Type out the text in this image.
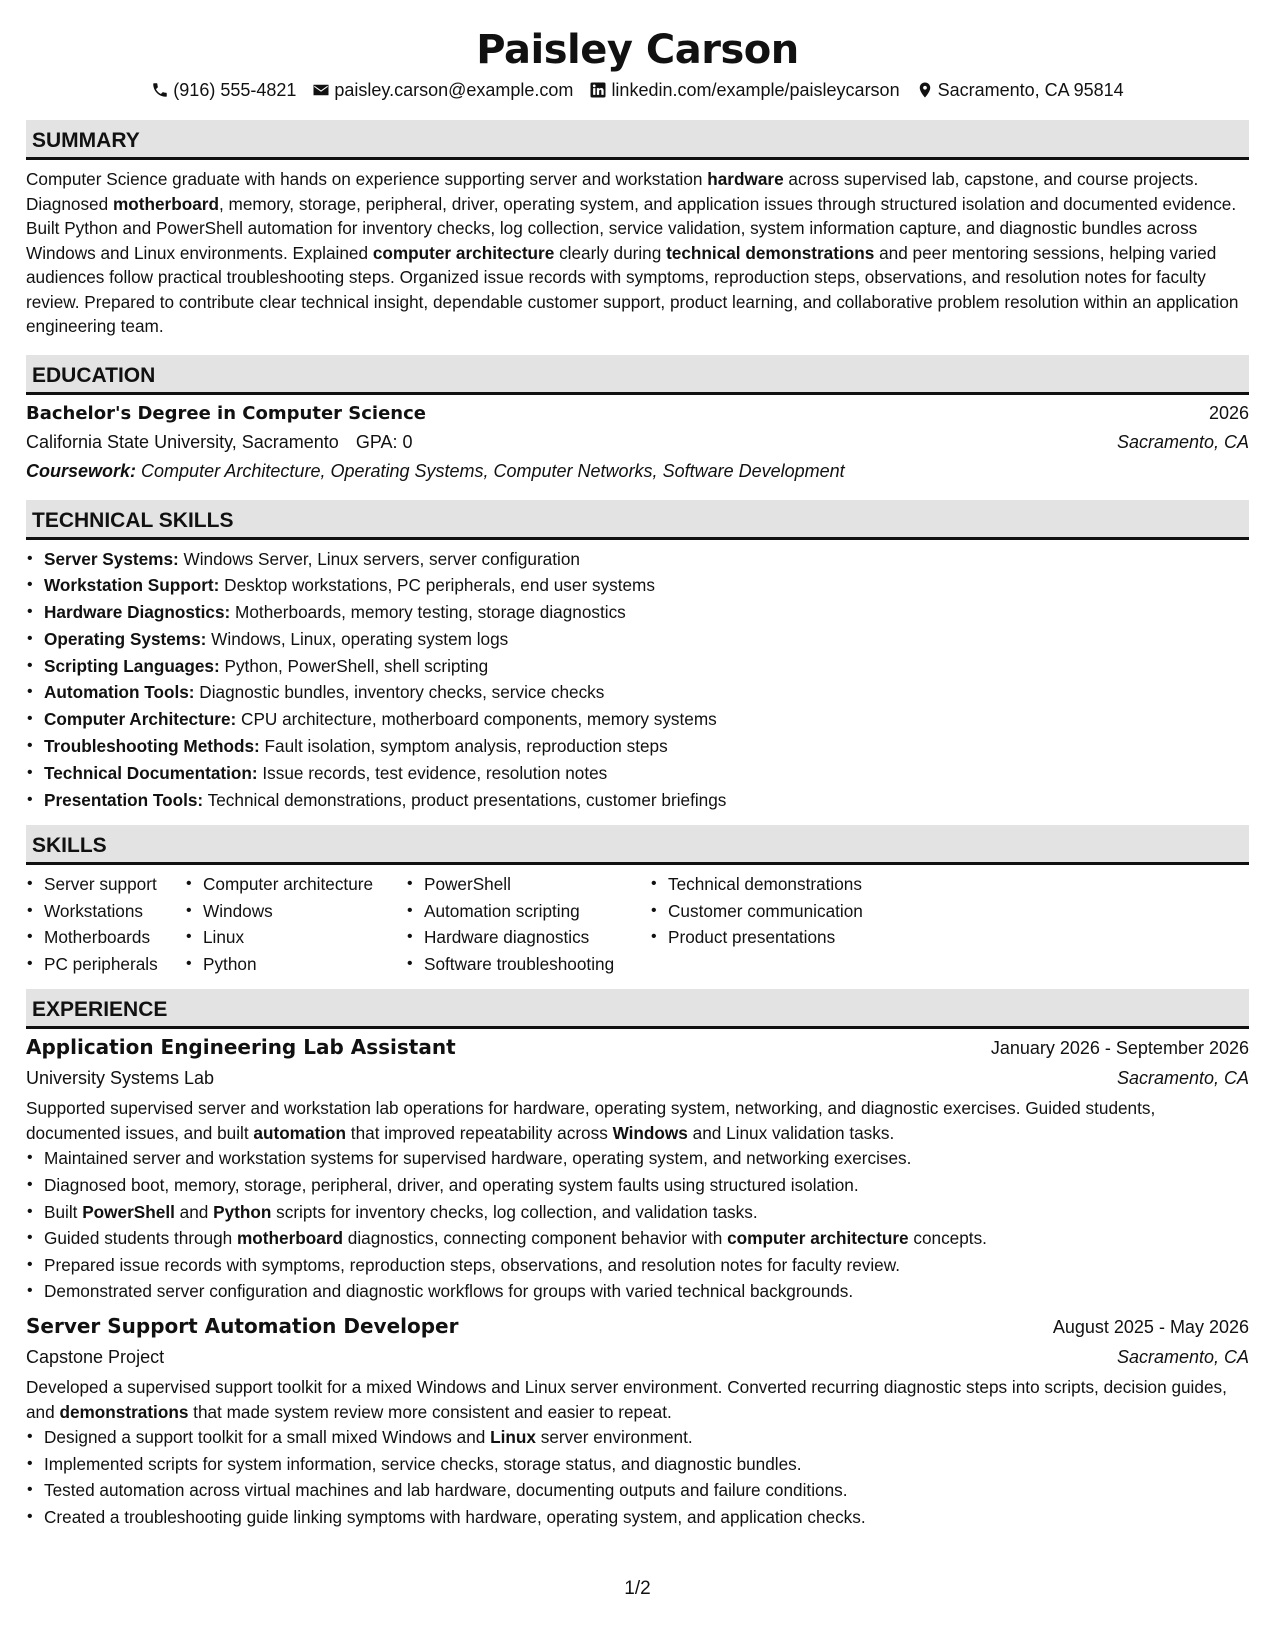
Paisley Carson
(916) 555-4821 paisley.carson@example.com linkedin.com/example/paisleycarson Sacramento, CA 95814
SUMMARY

Computer Science graduate with hands on experience supporting server and workstation hardware across supervised lab, capstone, and course projects. Diagnosed motherboard, memory, storage, peripheral, driver, operating system, and application issues through structured isolation and documented evidence. Built Python and PowerShell automation for inventory checks, log collection, service validation, system information capture, and diagnostic bundles across Windows and Linux environments. Explained computer architecture clearly during technical demonstrations and peer mentoring sessions, helping varied audiences follow practical troubleshooting steps. Organized issue records with symptoms, reproduction steps, observations, and resolution notes for faculty review. Prepared to contribute clear technical insight, dependable customer support, product learning, and collaborative problem resolution within an application engineering team.

EDUCATION
Bachelor's Degree in Computer Science	2026
California State University, Sacramento GPA: 0	Sacramento, CA
Coursework: Computer Architecture, Operating Systems, Computer Networks, Software Development
TECHNICAL SKILLS
• Server Systems: Windows Server, Linux servers, server configuration
• Workstation Support: Desktop workstations, PC peripherals, end user systems
• Hardware Diagnostics: Motherboards, memory testing, storage diagnostics
• Operating Systems: Windows, Linux, operating system logs
• Scripting Languages: Python, PowerShell, shell scripting
• Automation Tools: Diagnostic bundles, inventory checks, service checks
• Computer Architecture: CPU architecture, motherboard components, memory systems
• Troubleshooting Methods: Fault isolation, symptom analysis, reproduction steps
• Technical Documentation: Issue records, test evidence, resolution notes
• Presentation Tools: Technical demonstrations, product presentations, customer briefings
SKILLS
• Server support
• Workstations
• Motherboards
• PC peripherals
• Computer architecture
• Windows
• Linux
• Python
• PowerShell
• Automation scripting
• Hardware diagnostics
• Software troubleshooting
• Technical demonstrations
• Customer communication
• Product presentations
EXPERIENCE
Application Engineering Lab Assistant	January 2026 - September 2026
University Systems Lab	Sacramento, CA

Supported supervised server and workstation lab operations for hardware, operating system, networking, and diagnostic exercises. Guided students, documented issues, and built automation that improved repeatability across Windows and Linux validation tasks.

• Maintained server and workstation systems for supervised hardware, operating system, and networking exercises.
• Diagnosed boot, memory, storage, peripheral, driver, and operating system faults using structured isolation.
• Built PowerShell and Python scripts for inventory checks, log collection, and validation tasks.
• Guided students through motherboard diagnostics, connecting component behavior with computer architecture concepts.
• Prepared issue records with symptoms, reproduction steps, observations, and resolution notes for faculty review.
• Demonstrated server configuration and diagnostic workflows for groups with varied technical backgrounds.
Server Support Automation Developer	August 2025 - May 2026
Capstone Project	Sacramento, CA

Developed a supervised support toolkit for a mixed Windows and Linux server environment. Converted recurring diagnostic steps into scripts, decision guides, and demonstrations that made system review more consistent and easier to repeat.

• Designed a support toolkit for a small mixed Windows and Linux server environment.
• Implemented scripts for system information, service checks, storage status, and diagnostic bundles.
• Tested automation across virtual machines and lab hardware, documenting outputs and failure conditions.
• Created a troubleshooting guide linking symptoms with hardware, operating system, and application checks.
1/2
